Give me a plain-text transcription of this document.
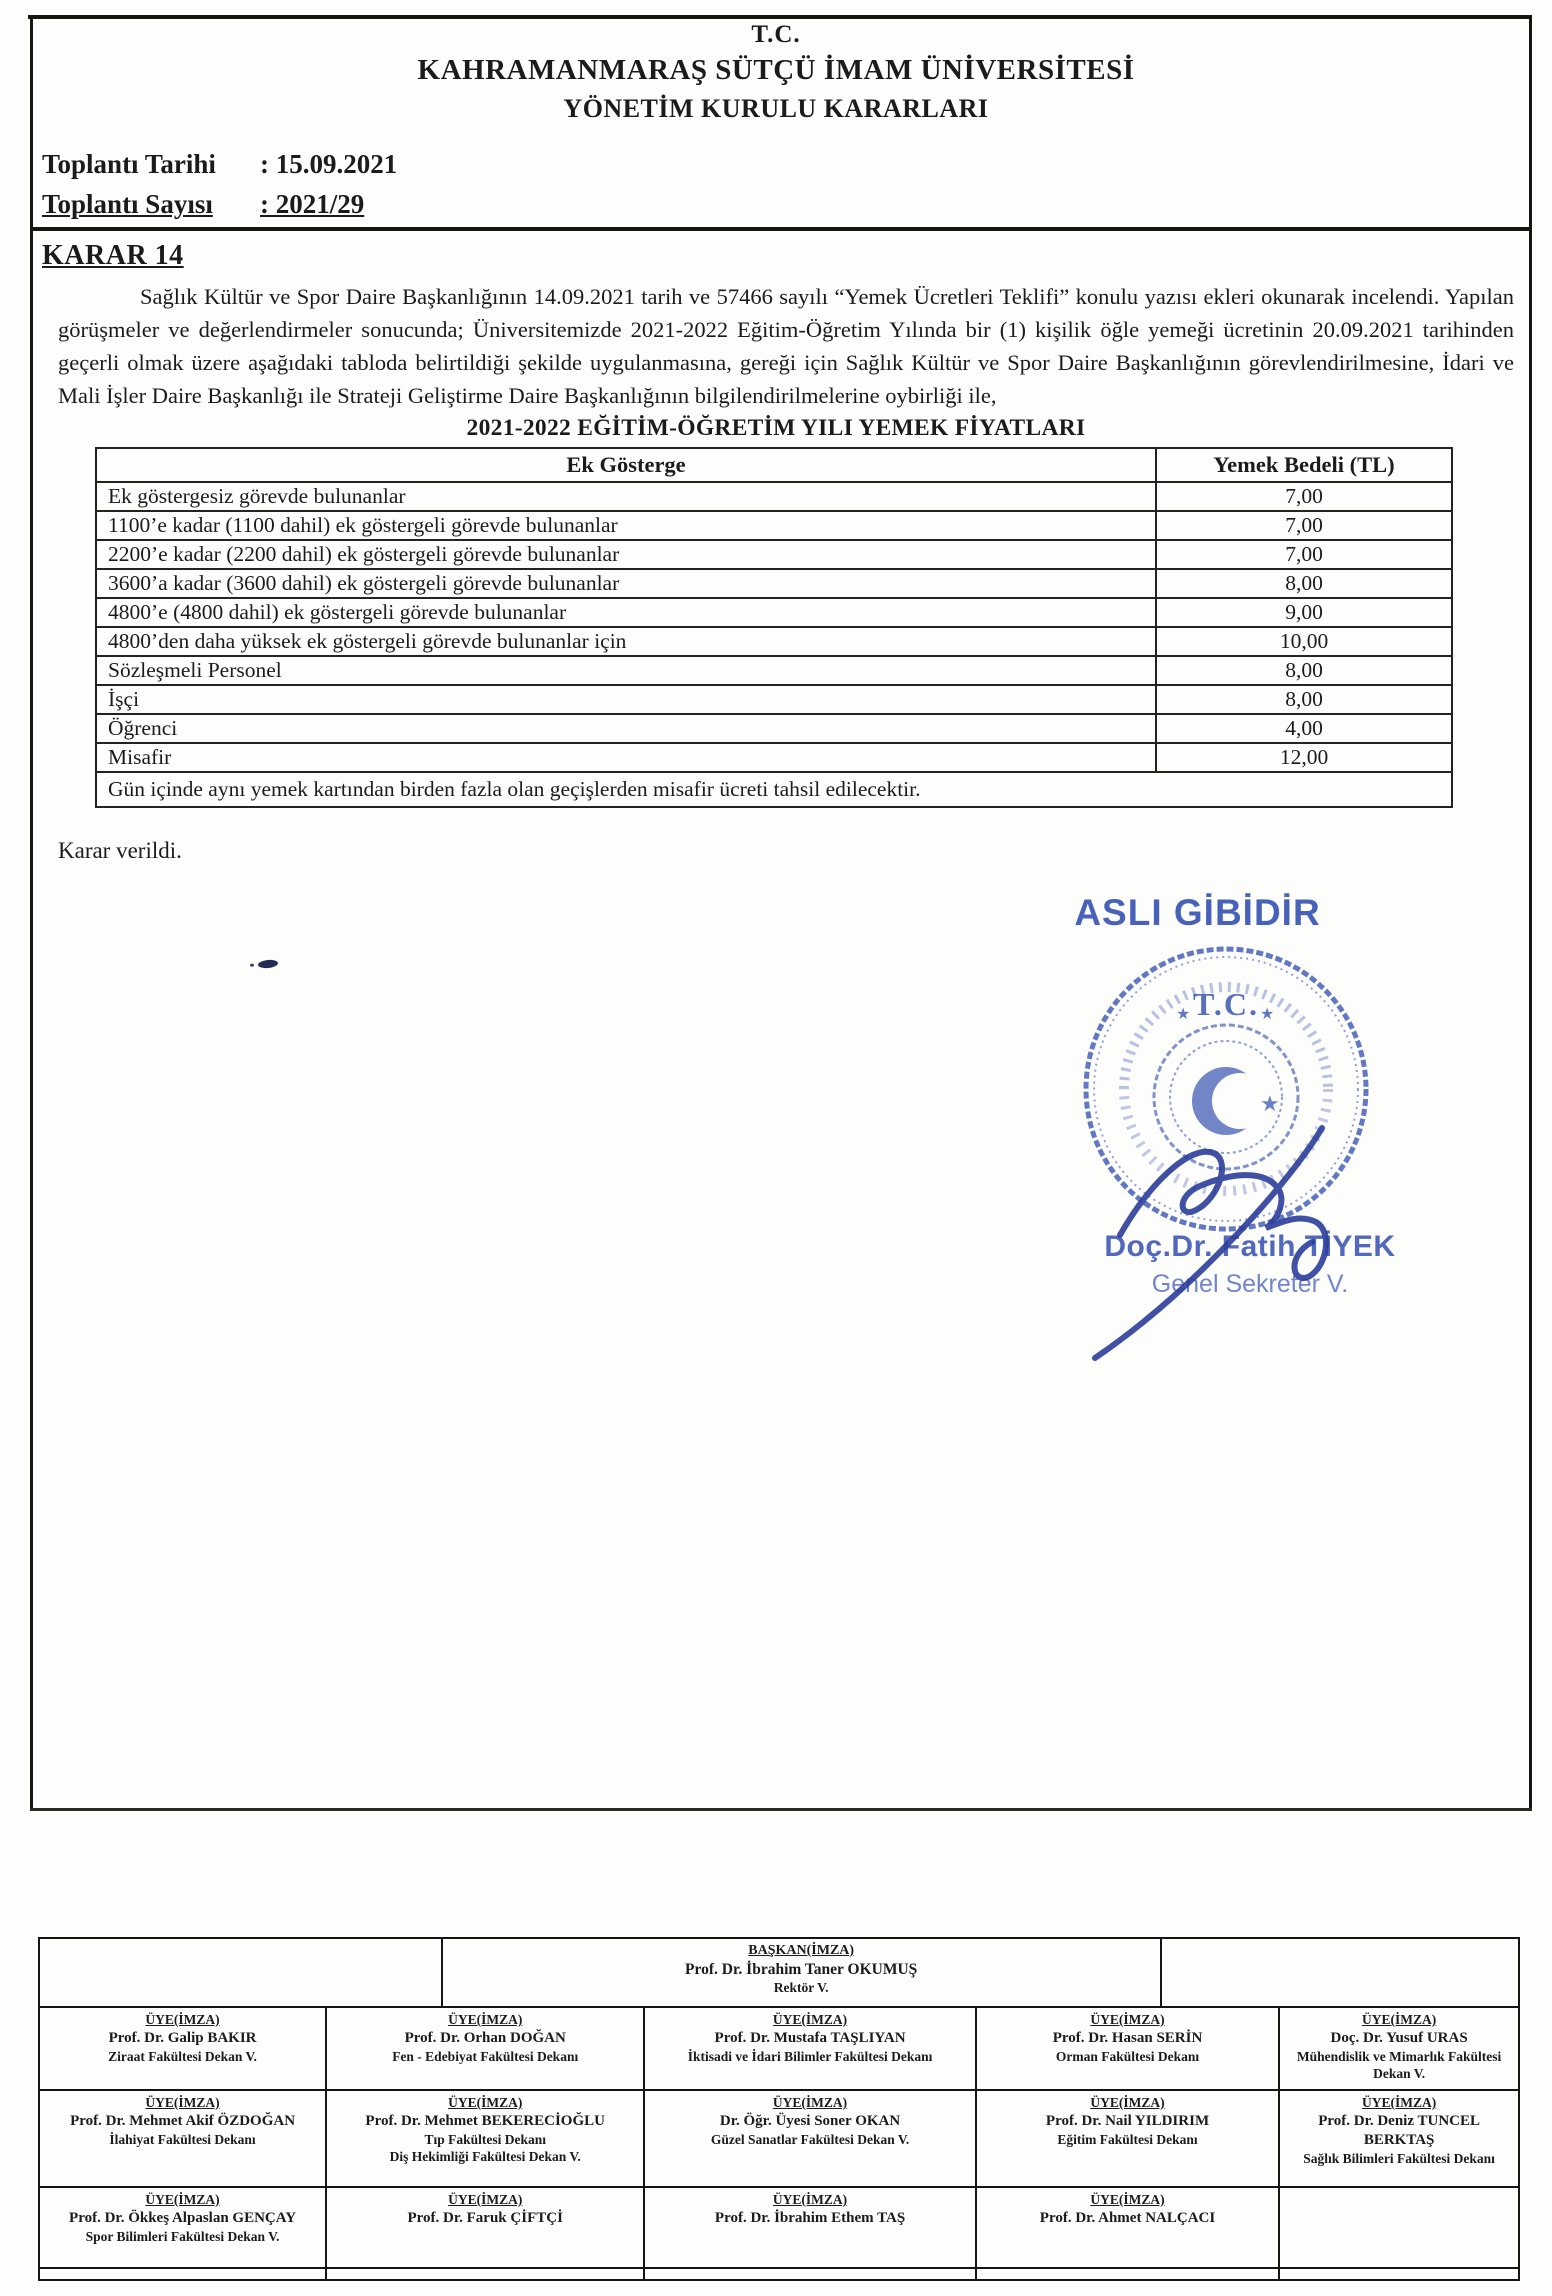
T.C.
KAHRAMANMARAŞ SÜTÇÜ İMAM ÜNİVERSİTESİ
YÖNETİM KURULU KARARLARI
Toplantı Tarihi : 15.09.2021
Toplantı Sayısı : 2021/29
KARAR 14

Sağlık Kültür ve Spor Daire Başkanlığının 14.09.2021 tarih ve 57466 sayılı “Yemek Ücretleri Teklifi” konulu yazısı ekleri okunarak incelendi. Yapılan görüşmeler ve değerlendirmeler sonucunda; Üniversitemizde 2021-2022 Eğitim-Öğretim Yılında bir (1) kişilik öğle yemeği ücretinin 20.09.2021 tarihinden geçerli olmak üzere aşağıdaki tabloda belirtildiği şekilde uygulanmasına, gereği için Sağlık Kültür ve Spor Daire Başkanlığının görevlendirilmesine, İdari ve Mali İşler Daire Başkanlığı ile Strateji Geliştirme Daire Başkanlığının bilgilendirilmelerine oybirliği ile,

2021-2022 EĞİTİM-ÖĞRETİM YILI YEMEK FİYATLARI
Ek Gösterge	Yemek Bedeli (TL)
Ek göstergesiz görevde bulunanlar	7,00
1100’e kadar (1100 dahil) ek göstergeli görevde bulunanlar	7,00
2200’e kadar (2200 dahil) ek göstergeli görevde bulunanlar	7,00
3600’a kadar (3600 dahil) ek göstergeli görevde bulunanlar	8,00
4800’e (4800 dahil) ek göstergeli görevde bulunanlar	9,00
4800’den daha yüksek ek göstergeli görevde bulunanlar için	10,00
Sözleşmeli Personel	8,00
İşçi	8,00
Öğrenci	4,00
Misafir	12,00
Gün içinde aynı yemek kartından birden fazla olan geçişlerden misafir ücreti tahsil edilecektir.	

Karar verildi.

ASLI GİBİDİR
★
T.C.
★	★
Doç.Dr. Fatih TİYEK
Genel Sekreter V.

BAŞKAN(İMZA)
Prof. Dr. İbrahim Taner OKUMUŞ
Rektör V.

ÜYE(İMZA)
Prof. Dr. Galip BAKIR
Ziraat Fakültesi Dekan V.

ÜYE(İMZA)
Prof. Dr. Orhan DOĞAN
Fen - Edebiyat Fakültesi Dekanı

ÜYE(İMZA)
Prof. Dr. Mustafa TAŞLIYAN
İktisadi ve İdari Bilimler Fakültesi Dekanı

ÜYE(İMZA)
Prof. Dr. Hasan SERİN
Orman Fakültesi Dekanı

ÜYE(İMZA)
Doç. Dr. Yusuf URAS
Mühendislik ve Mimarlık Fakültesi Dekan V.

ÜYE(İMZA)
Prof. Dr. Mehmet Akif ÖZDOĞAN
İlahiyat Fakültesi Dekanı

ÜYE(İMZA)
Prof. Dr. Mehmet BEKERECİOĞLU
Tıp Fakültesi Dekanı
Diş Hekimliği Fakültesi Dekan V.

ÜYE(İMZA)
Dr. Öğr. Üyesi Soner OKAN
Güzel Sanatlar Fakültesi Dekan V.

ÜYE(İMZA)
Prof. Dr. Nail YILDIRIM
Eğitim Fakültesi Dekanı

ÜYE(İMZA)
Prof. Dr. Deniz TUNCEL BERKTAŞ
Sağlık Bilimleri Fakültesi Dekanı

ÜYE(İMZA)
Prof. Dr. Ökkeş Alpaslan GENÇAY
Spor Bilimleri Fakültesi Dekan V.

ÜYE(İMZA)
Prof. Dr. Faruk ÇİFTÇİ

ÜYE(İMZA)
Prof. Dr. İbrahim Ethem TAŞ

ÜYE(İMZA)
Prof. Dr. Ahmet NALÇACI
